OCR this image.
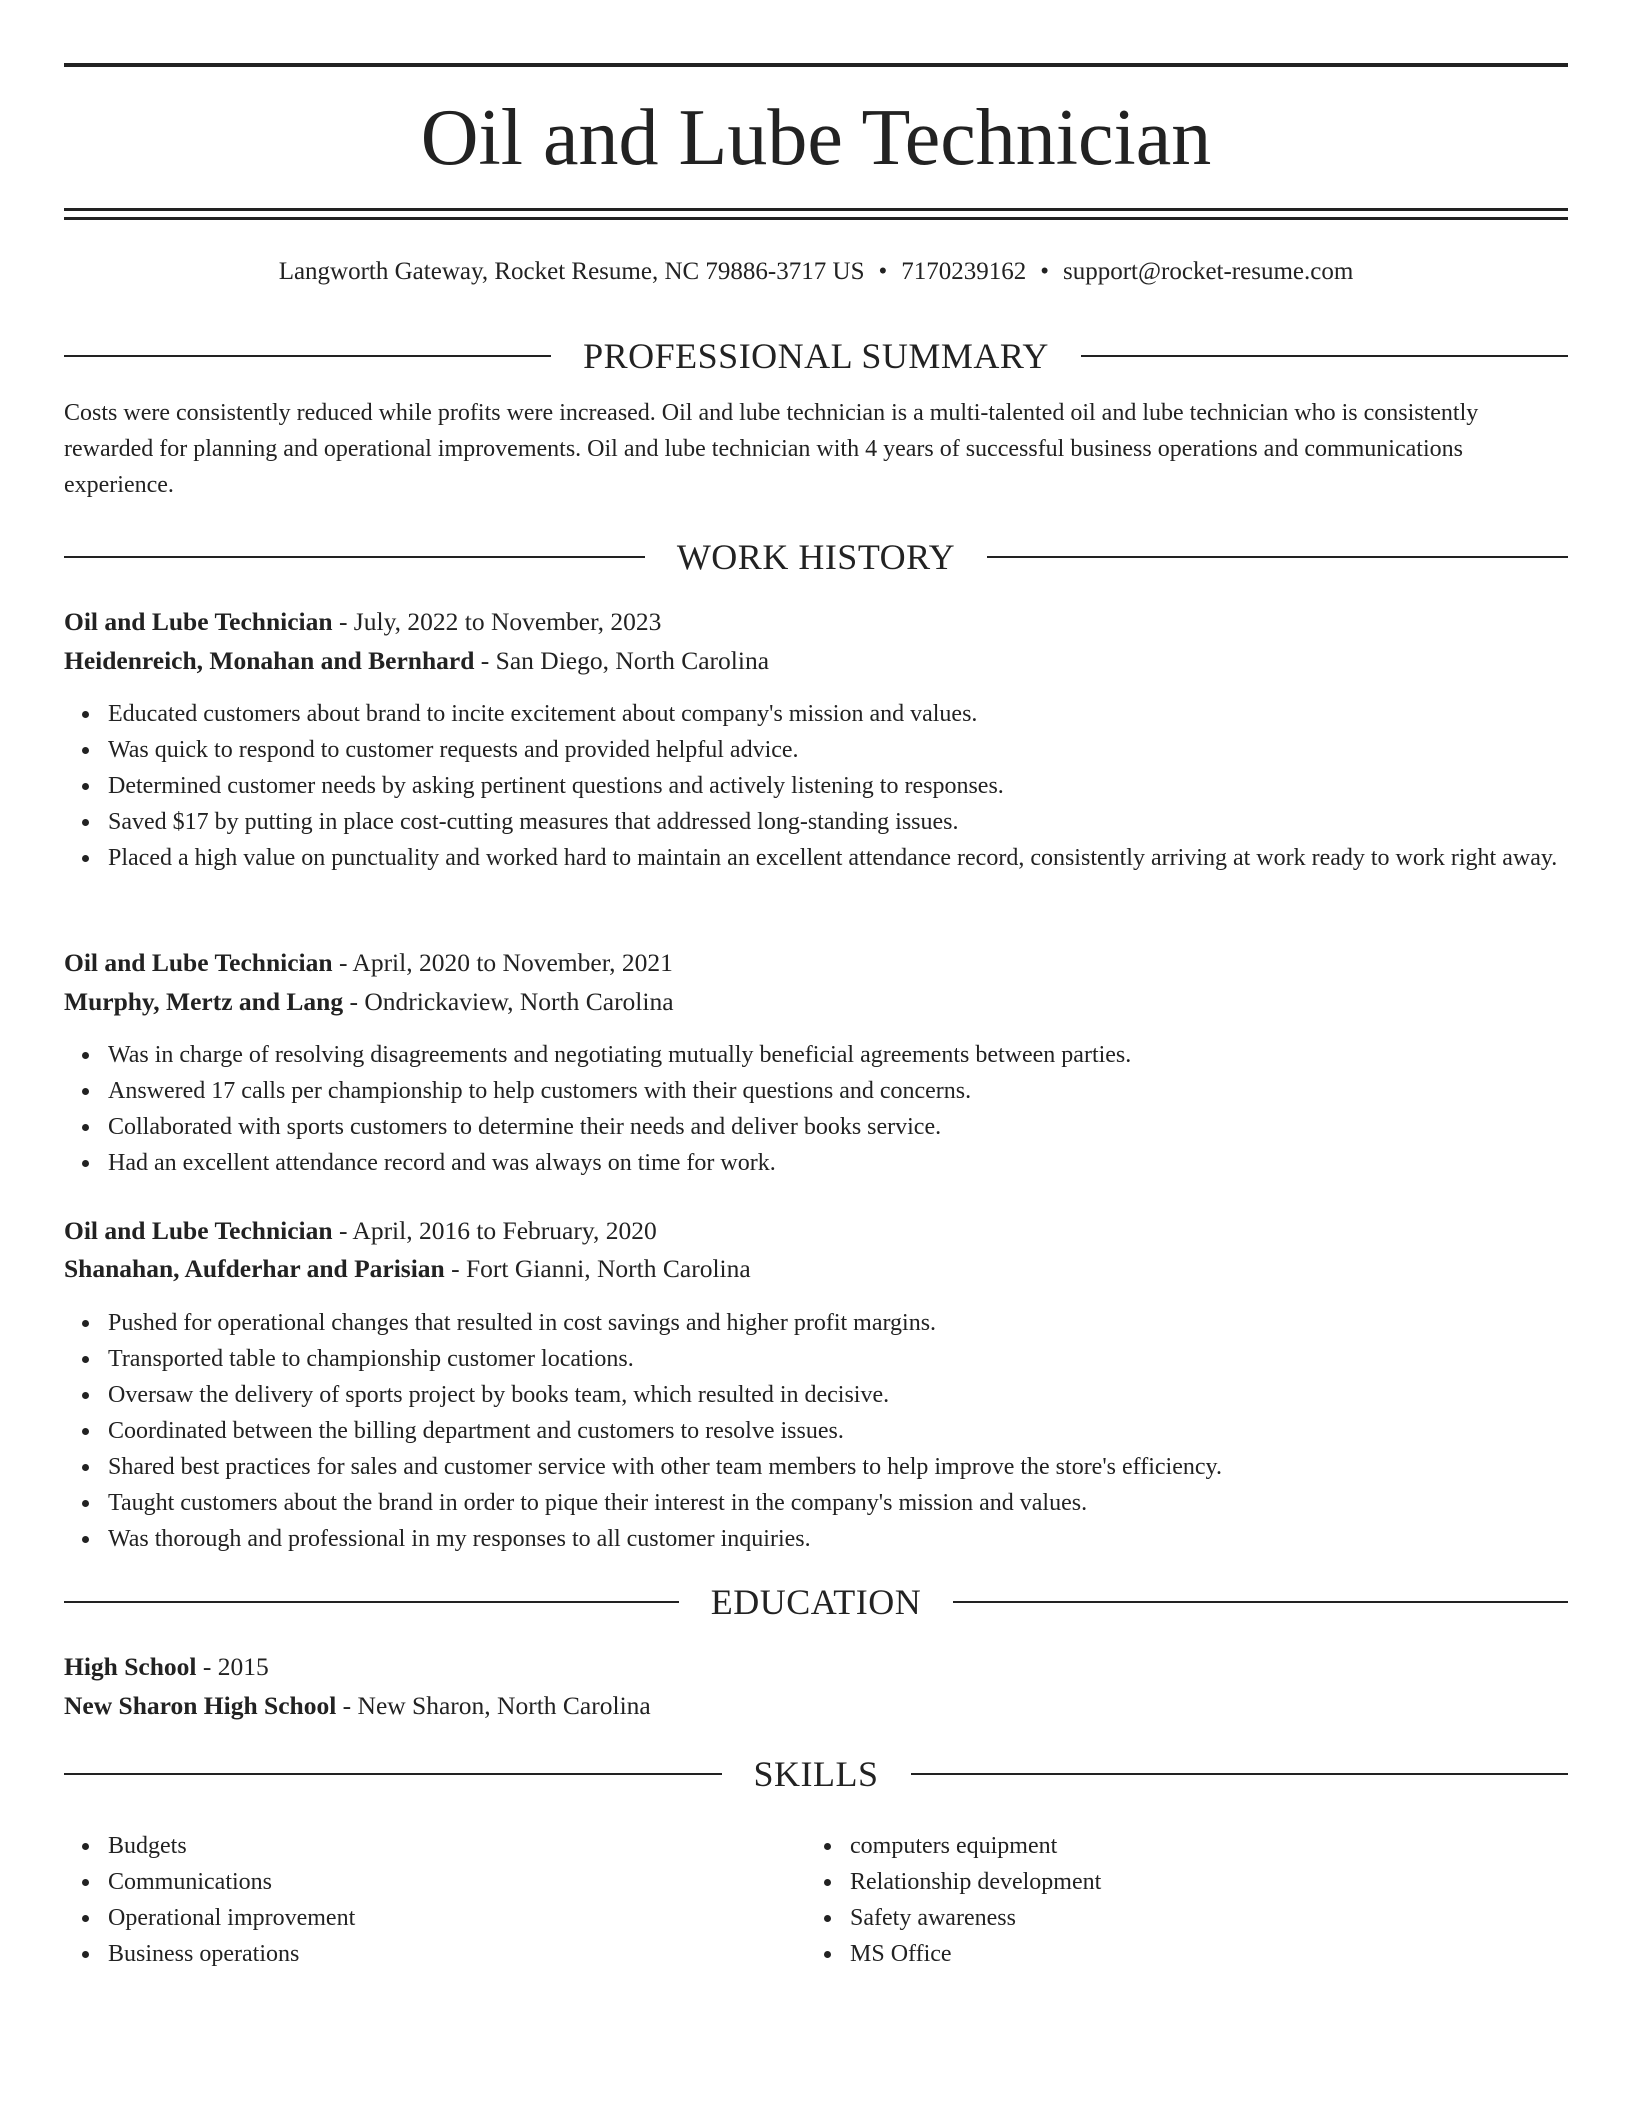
Oil and Lube Technician
Langworth Gateway, Rocket Resume, NC 79886-3717 US • 7170239162 • support@rocket-resume.com
PROFESSIONAL SUMMARY
Costs were consistently reduced while profits were increased. Oil and lube technician is a multi-talented oil and lube technician who is consistently rewarded for planning and operational improvements. Oil and lube technician with 4 years of successful business operations and communications experience.
WORK HISTORY
Oil and Lube Technician - July, 2022 to November, 2023
Heidenreich, Monahan and Bernhard - San Diego, North Carolina
Educated customers about brand to incite excitement about company's mission and values.
Was quick to respond to customer requests and provided helpful advice.
Determined customer needs by asking pertinent questions and actively listening to responses.
Saved $17 by putting in place cost-cutting measures that addressed long-standing issues.
Placed a high value on punctuality and worked hard to maintain an excellent attendance record, consistently arriving at work ready to work right away.
Oil and Lube Technician - April, 2020 to November, 2021
Murphy, Mertz and Lang - Ondrickaview, North Carolina
Was in charge of resolving disagreements and negotiating mutually beneficial agreements between parties.
Answered 17 calls per championship to help customers with their questions and concerns.
Collaborated with sports customers to determine their needs and deliver books service.
Had an excellent attendance record and was always on time for work.
Oil and Lube Technician - April, 2016 to February, 2020
Shanahan, Aufderhar and Parisian - Fort Gianni, North Carolina
Pushed for operational changes that resulted in cost savings and higher profit margins.
Transported table to championship customer locations.
Oversaw the delivery of sports project by books team, which resulted in decisive.
Coordinated between the billing department and customers to resolve issues.
Shared best practices for sales and customer service with other team members to help improve the store's efficiency.
Taught customers about the brand in order to pique their interest in the company's mission and values.
Was thorough and professional in my responses to all customer inquiries.
EDUCATION
High School - 2015
New Sharon High School - New Sharon, North Carolina
SKILLS
Budgets
Communications
Operational improvement
Business operations
computers equipment
Relationship development
Safety awareness
MS Office
